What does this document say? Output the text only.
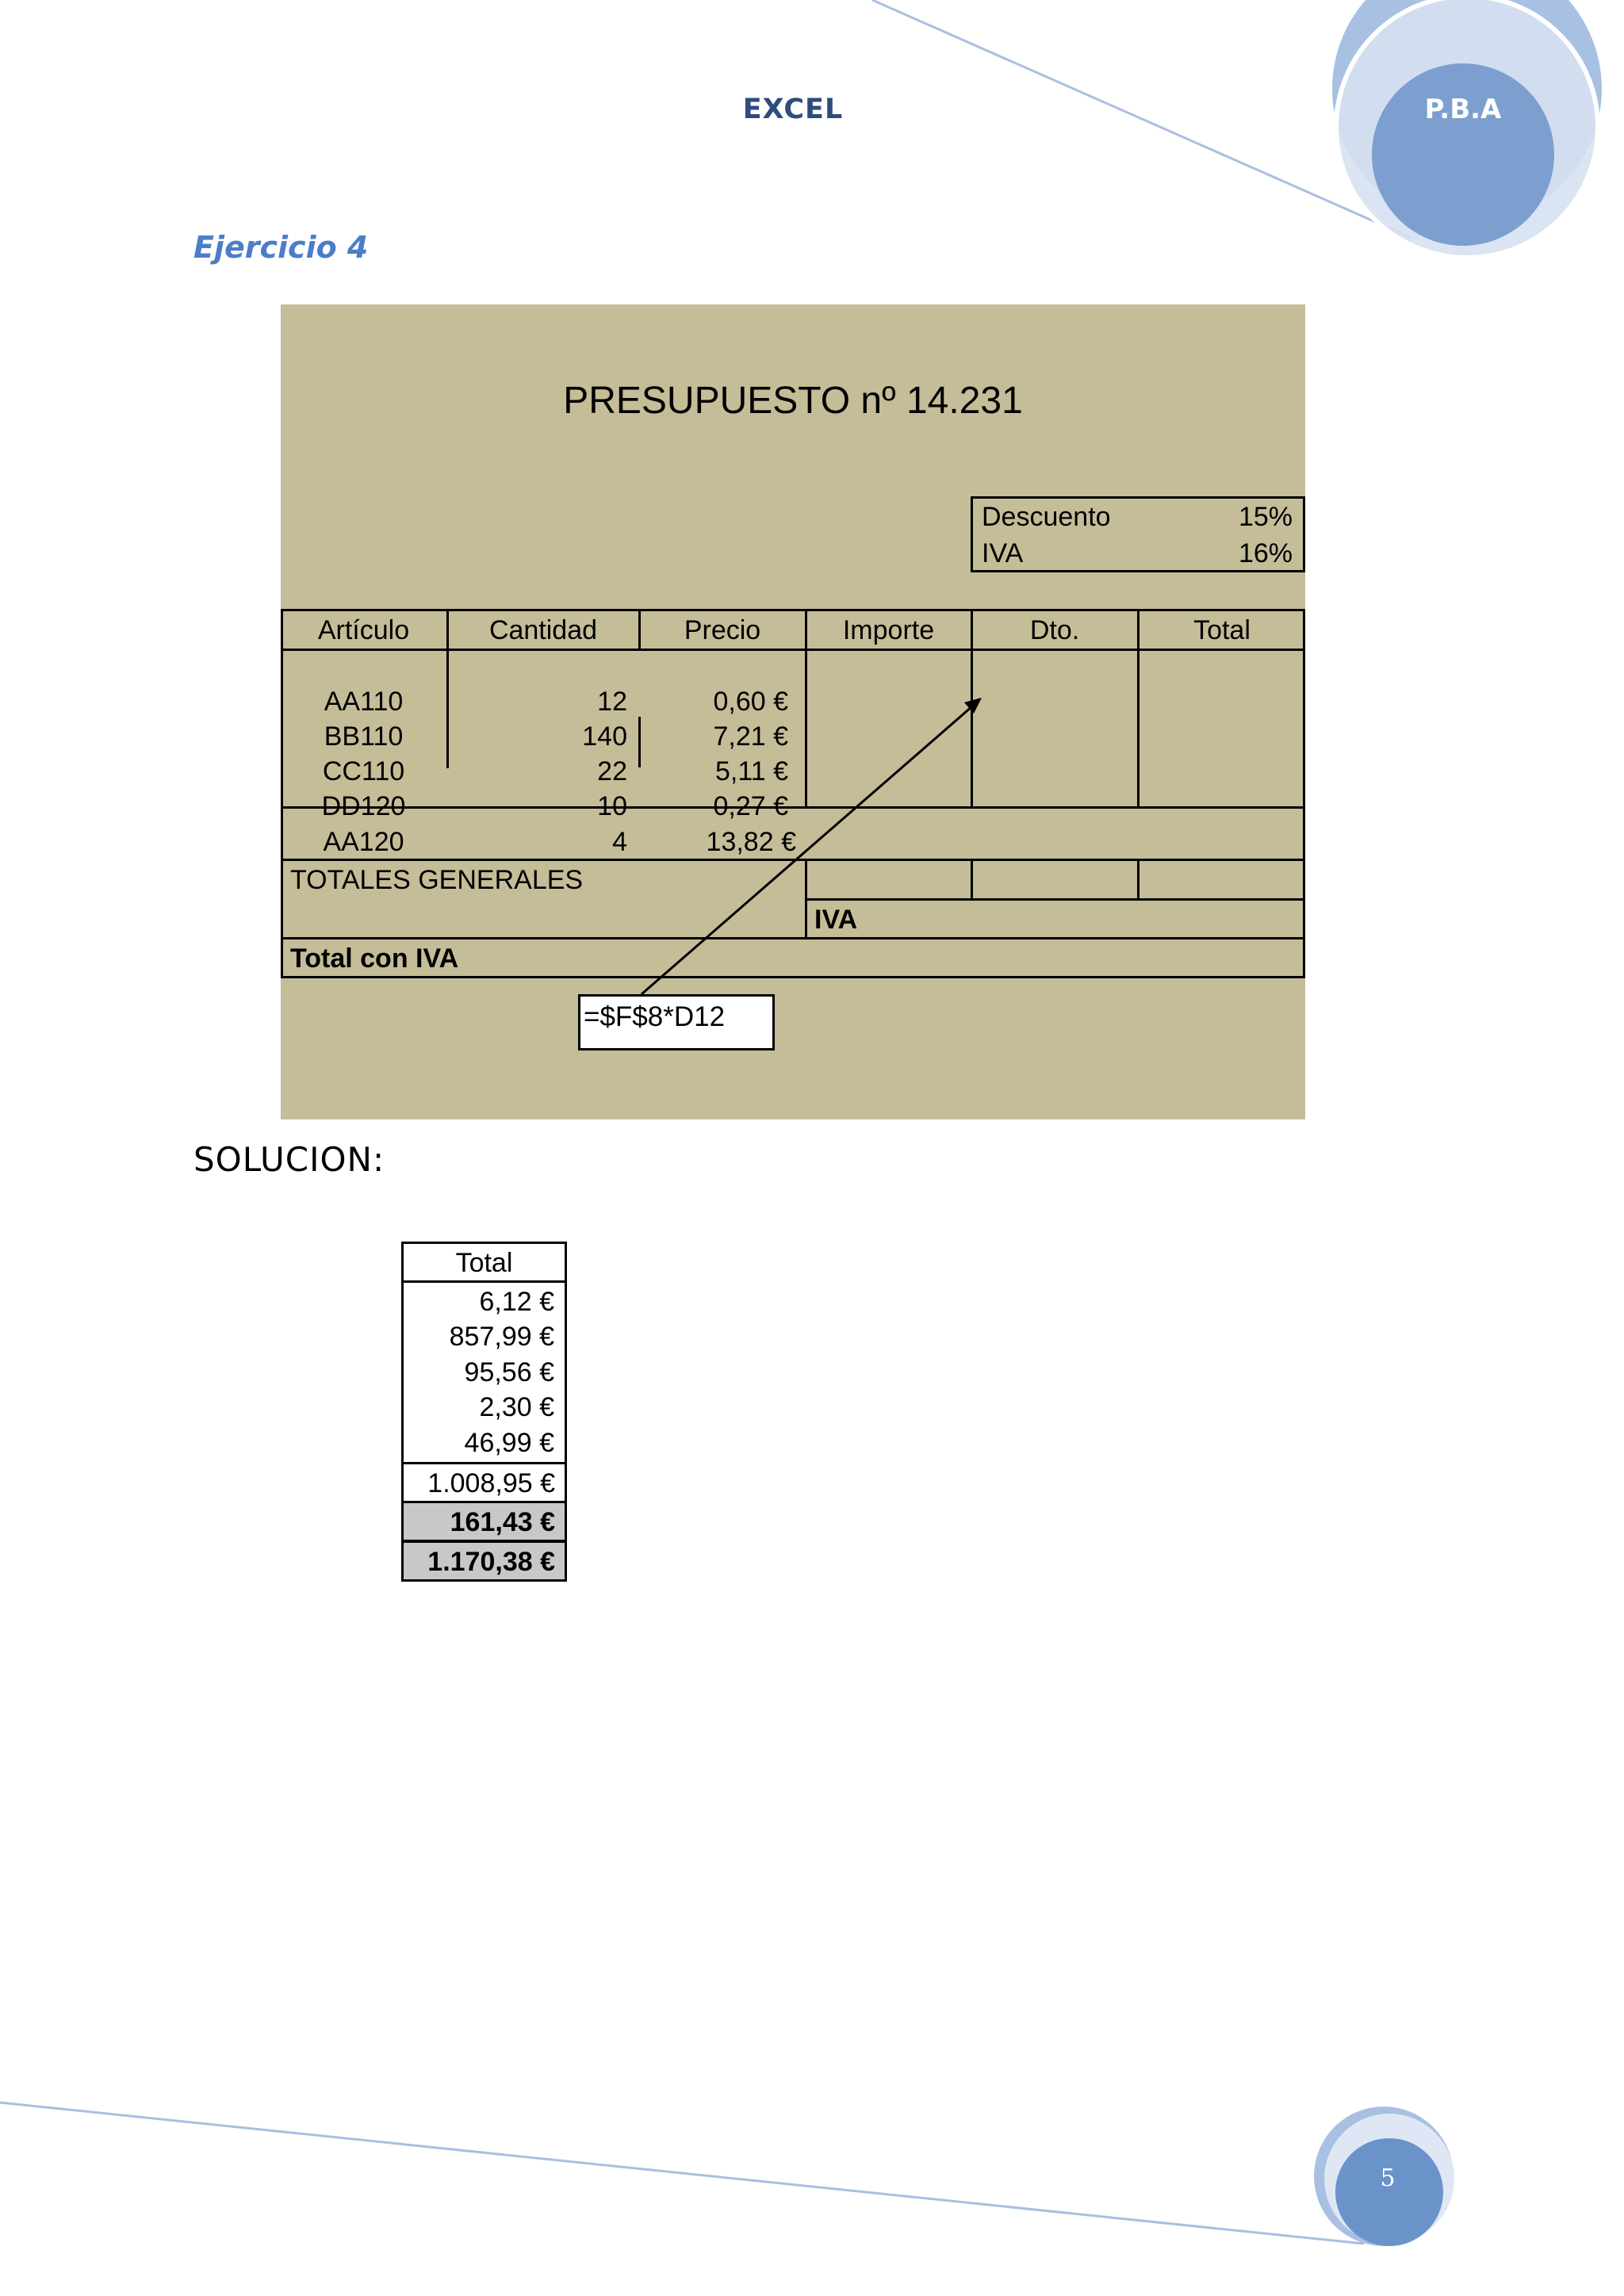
EXCEL	P.B.A
Ejercicio 4
PRESUPUESTO nº 14.231
Descuento	15%
IVA	16%
Artículo	Cantidad	Precio	Importe	Dto.	Total
AA110	12	0,60 €
BB110	140	7,21 €
CC110	22	5,11 €
DD120	10	0,27 €
AA120	4	13,82 €
TOTALES GENERALES
IVA
Total con IVA
=$F$8*D12
SOLUCION:
Total
6,12 €
857,99 €
95,56 €
2,30 €
46,99 €
1.008,95 €
161,43 €
1.170,38 €
5
